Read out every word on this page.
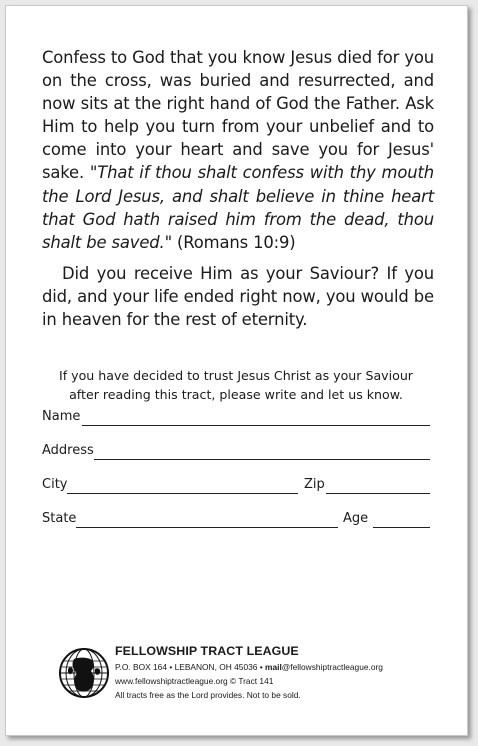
Confess to God that you know Jesus died for you on the cross, was buried and resurrected, and now sits at the right hand of God the Father. Ask Him to help you turn from your unbelief and to come into your heart and save you for Jesus' sake. "That if thou shalt confess with thy mouth the Lord Jesus, and shalt believe in thine heart that God hath raised him from the dead, thou shalt be saved." (Romans 10:9)

Did you receive Him as your Saviour? If you did, and your life ended right now, you would be in heaven for the rest of eternity.

If you have decided to trust Jesus Christ as your Saviour
after reading this tract, please write and let us know.
Name
Address
City	Zip
State	Age
FELLOWSHIP TRACT LEAGUE
P.O. BOX 164 • LEBANON, OH 45036 • mail@fellowshiptractleague.org
www.fellowshiptractleague.org © Tract 141
All tracts free as the Lord provides. Not to be sold.
